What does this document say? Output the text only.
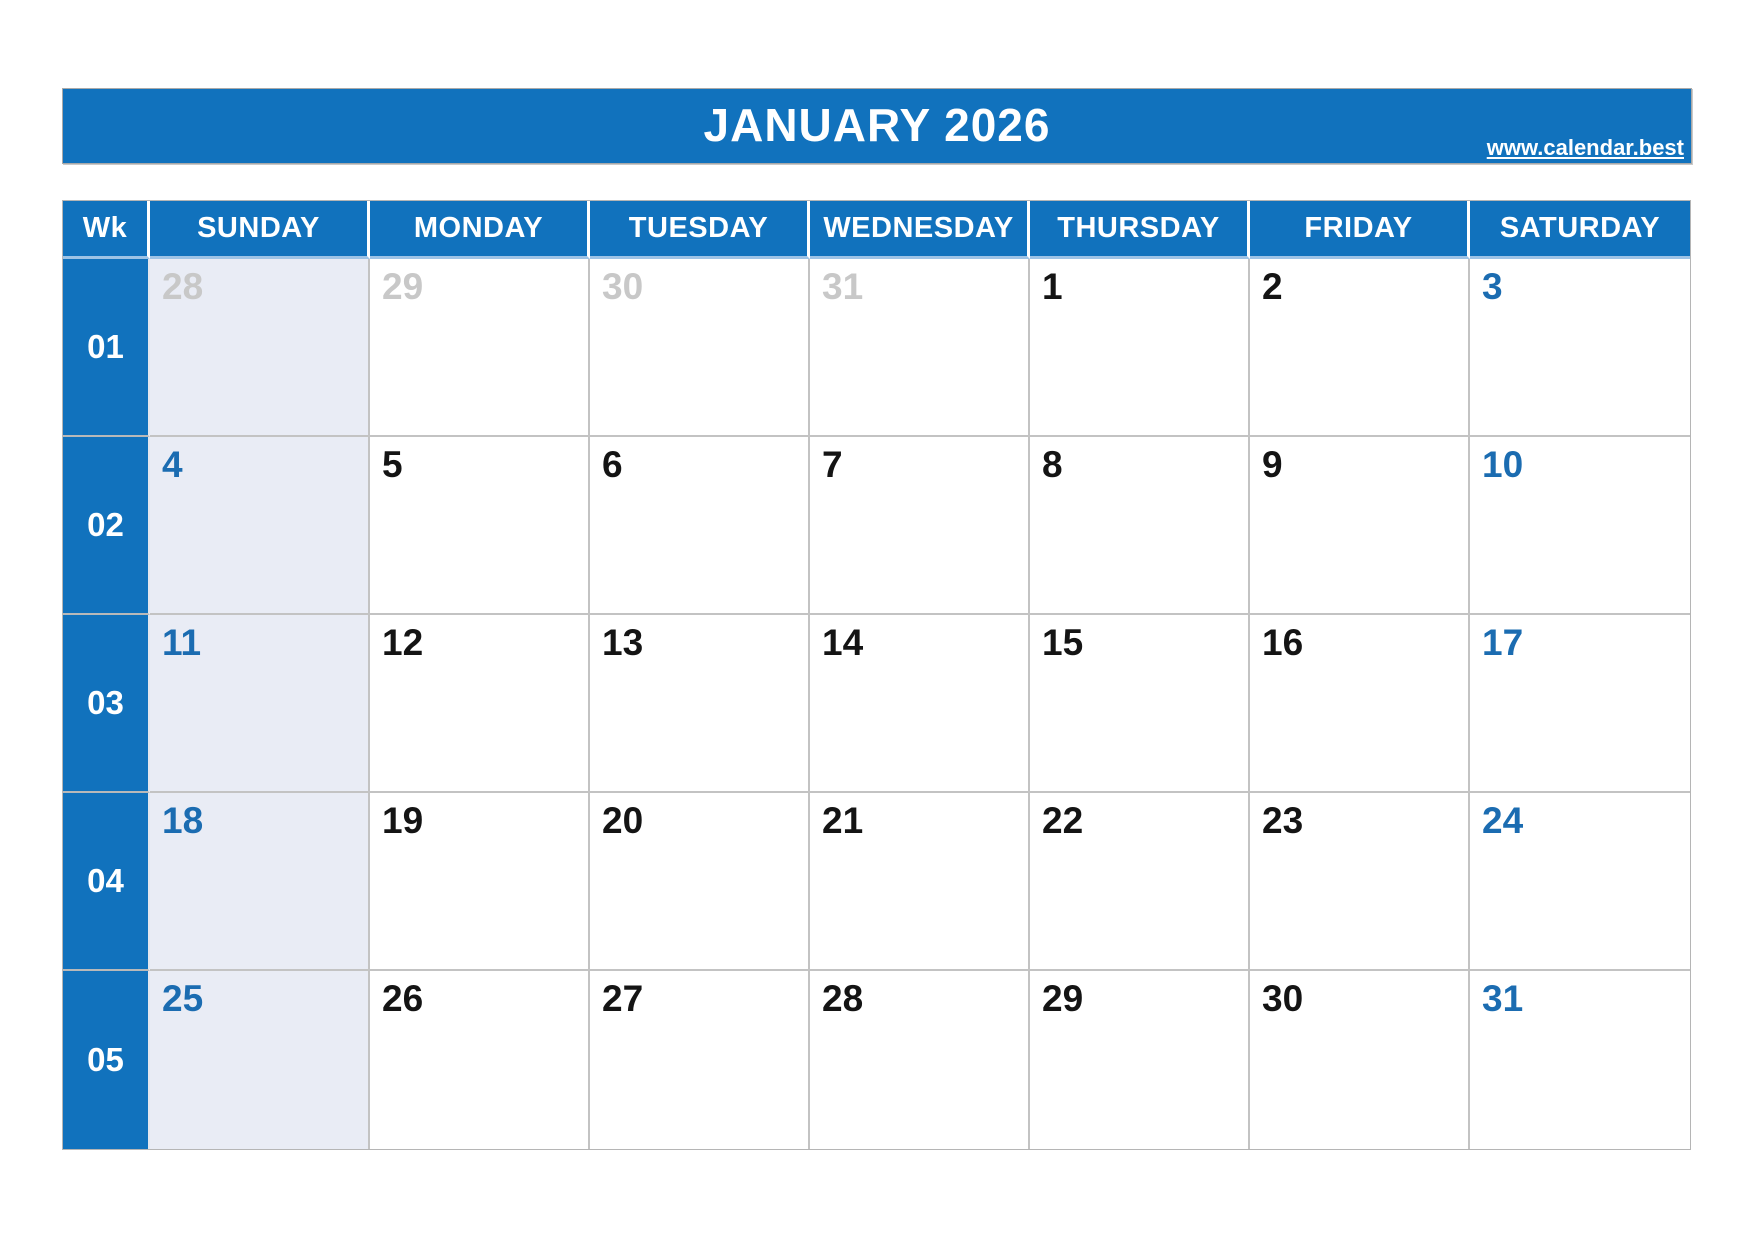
JANUARY 2026	www.calendar.best
Wk	SUNDAY	MONDAY	TUESDAY	WEDNESDAY	THURSDAY	FRIDAY	SATURDAY
01	28	29	30	31	1	2	3

02	4	5	6	7	8	9	10

03	11	12	13	14	15	16	17

04	18	19	20	21	22	23	24

05	25	26	27	28	29	30	31
